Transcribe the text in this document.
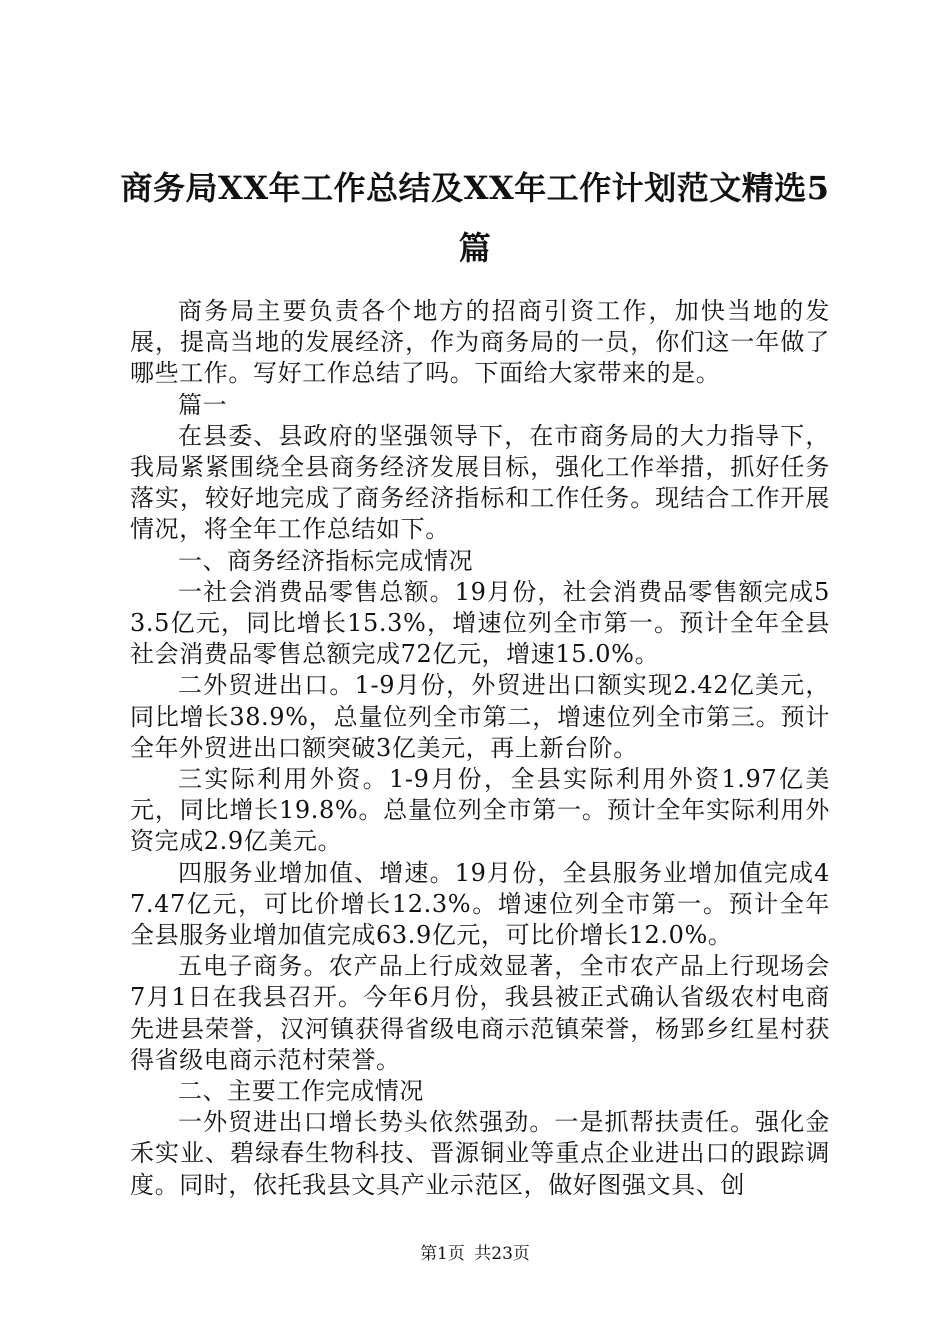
商务局XX年工作总结及XX年工作计划范文精选5篇

商务局主要负责各个地方的招商引资工作，加快当地的发展，提高当地的发展经济，作为商务局的一员，你们这一年做了哪些工作。写好工作总结了吗。下面给大家带来的是。

篇一

在县委、县政府的坚强领导下，在市商务局的大力指导下，我局紧紧围绕全县商务经济发展目标，强化工作举措，抓好任务落实，较好地完成了商务经济指标和工作任务。现结合工作开展情况，将全年工作总结如下。

一、商务经济指标完成情况

一社会消费品零售总额。19月份，社会消费品零售额完成53.5亿元，同比增长15.3%，增速位列全市第一。预计全年全县社会消费品零售总额完成72亿元，增速15.0%。

二外贸进出口。1-9月份，外贸进出口额实现2.42亿美元，同比增长38.9%，总量位列全市第二，增速位列全市第三。预计全年外贸进出口额突破3亿美元，再上新台阶。

三实际利用外资。1-9月份，全县实际利用外资1.97亿美元，同比增长19.8%。总量位列全市第一。预计全年实际利用外资完成2.9亿美元。

四服务业增加值、增速。19月份，全县服务业增加值完成47.47亿元，可比价增长12.3%。增速位列全市第一。预计全年全县服务业增加值完成63.9亿元，可比价增长12.0%。

五电子商务。农产品上行成效显著，全市农产品上行现场会7月1日在我县召开。今年6月份，我县被正式确认省级农村电商先进县荣誉，汉河镇获得省级电商示范镇荣誉，杨郢乡红星村获得省级电商示范村荣誉。

二、主要工作完成情况

一外贸进出口增长势头依然强劲。一是抓帮扶责任。强化金禾实业、碧绿春生物科技、晋源铜业等重点企业进出口的跟踪调度。同时，依托我县文具产业示范区，做好图强文具、创

第1页 共23页
